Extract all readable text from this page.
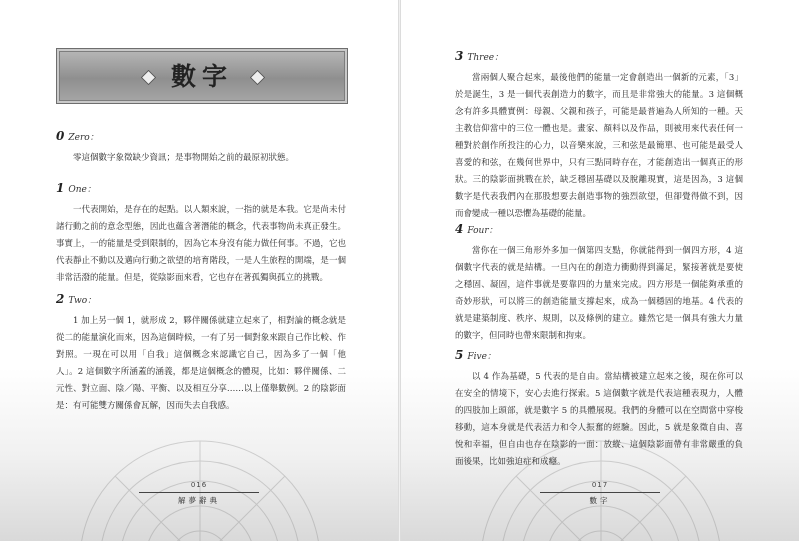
數字
0 Zero：

零這個數字象徵缺少資訊；是事物開始之前的最原初狀態。

1 One：

一代表開始，是存在的起點。以人類來說，一指的就是本我。它是尚未付諸行動之前的意念型態，因此也蘊含著潛能的概念，代表事物尚未真正發生。事實上，一的能量是受到限制的，因為它本身沒有能力做任何事。不過，它也代表靜止不動以及邁向行動之欲望的培育階段，一是人生旅程的開端，是一個非常活潑的能量。但是，從陰影面來看，它也存在著孤獨與孤立的挑戰。

2 Two：

1 加上另一個 1，就形成 2，夥伴關係就建立起來了，相對論的概念就是從二的能量演化而來，因為這個時候，一有了另一個對象來跟自己作比較、作對照。一現在可以用「自我」這個概念來認識它自己，因為多了一個「他人」。2 這個數字所涵蓋的涵義，都是這個概念的體現，比如：夥伴關係、二元性、對立面、陰／陽、平衡、以及相互分享……以上僅舉數例。2 的陰影面是：有可能雙方關係會瓦解，因而失去自我感。

016
解夢辭典
3 Three：

當兩個人聚合起來，最後他們的能量一定會創造出一個新的元素，「3」於是誕生，3 是一個代表創造力的數字，而且是非常強大的能量。3 這個概念有許多具體實例：母親、父親和孩子，可能是最普遍為人所知的一種。天主教信仰當中的三位一體也是。畫家、顏料以及作品，則被用來代表任何一種對於創作所投注的心力，以音樂來說，三和弦是最簡單、也可能是最受人喜愛的和弦，在幾何世界中，只有三點同時存在，才能創造出一個真正的形狀。三的陰影面挑戰在於，缺乏穩固基礎以及脫離現實，這是因為，3 這個數字是代表我們內在那股想要去創造事物的強烈欲望，但卻覺得做不到，因而會變成一種以恐懼為基礎的能量。

4 Four：

當你在一個三角形外多加一個第四支點，你就能得到一個四方形，4 這個數字代表的就是結構。一旦內在的創造力衝動得到滿足，緊接著就是要使之穩固、凝固，這件事就是要靠四的力量來完成。四方形是一個能夠承重的奇妙形狀，可以將三的創造能量支撐起來，成為一個穩固的地基。4 代表的就是建築制度、秩序、規則，以及條例的建立。雖然它是一個具有強大力量的數字，但同時也帶來限制和拘束。

5 Five：

以 4 作為基礎，5 代表的是自由。當結構被建立起來之後，現在你可以在安全的情境下，安心去進行探索。5 這個數字就是代表這種表現力，人體的四肢加上頭部，就是數字 5 的具體展現。我們的身體可以在空間當中穿梭移動，這本身就是代表活力和令人振奮的經驗。因此，5 就是象徵自由、喜悅和幸福，但自由也存在陰影的一面：放縱、這個陰影面帶有非常嚴重的負面後果，比如強迫症和成癮。

017
數字
